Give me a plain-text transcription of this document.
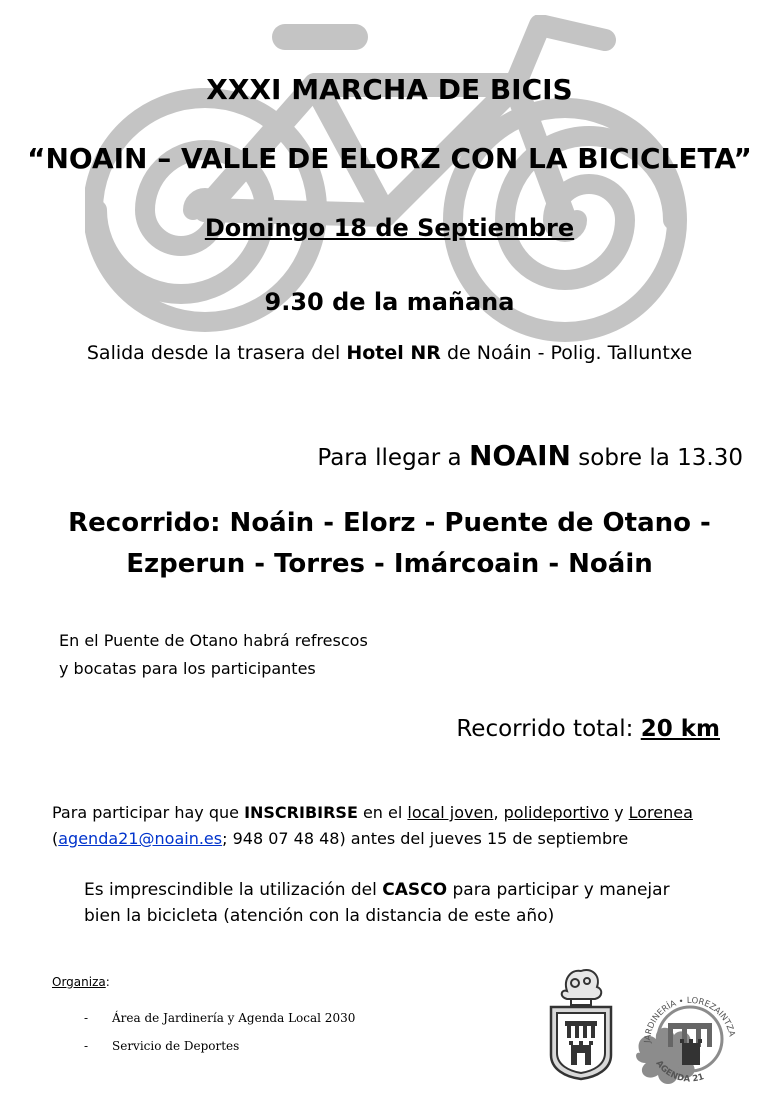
XXXI MARCHA DE BICIS
“NOAIN – VALLE DE ELORZ CON LA BICICLETA”
Domingo 18 de Septiembre
9.30 de la mañana
Salida desde la trasera del Hotel NR de Noáin - Polig. Talluntxe
Para llegar a NOAIN sobre la 13.30
Recorrido: Noáin - Elorz - Puente de Otano -
Ezperun - Torres - Imárcoain - Noáin
En el Puente de Otano habrá refrescos
y bocatas para los participantes
Recorrido total: 20 km
Para participar hay que INSCRIBIRSE en el local joven, polideportivo y Lorenea
(agenda21@noain.es; 948 07 48 48) antes del jueves 15 de septiembre
Es imprescindible la utilización del CASCO para participar y manejar
bien la bicicleta (atención con la distancia de este año)
Organiza:
- Área de Jardinería y Agenda Local 2030
- Servicio de Deportes	JARDINERÍA • LOREZAINTZA
AGENDA 21
